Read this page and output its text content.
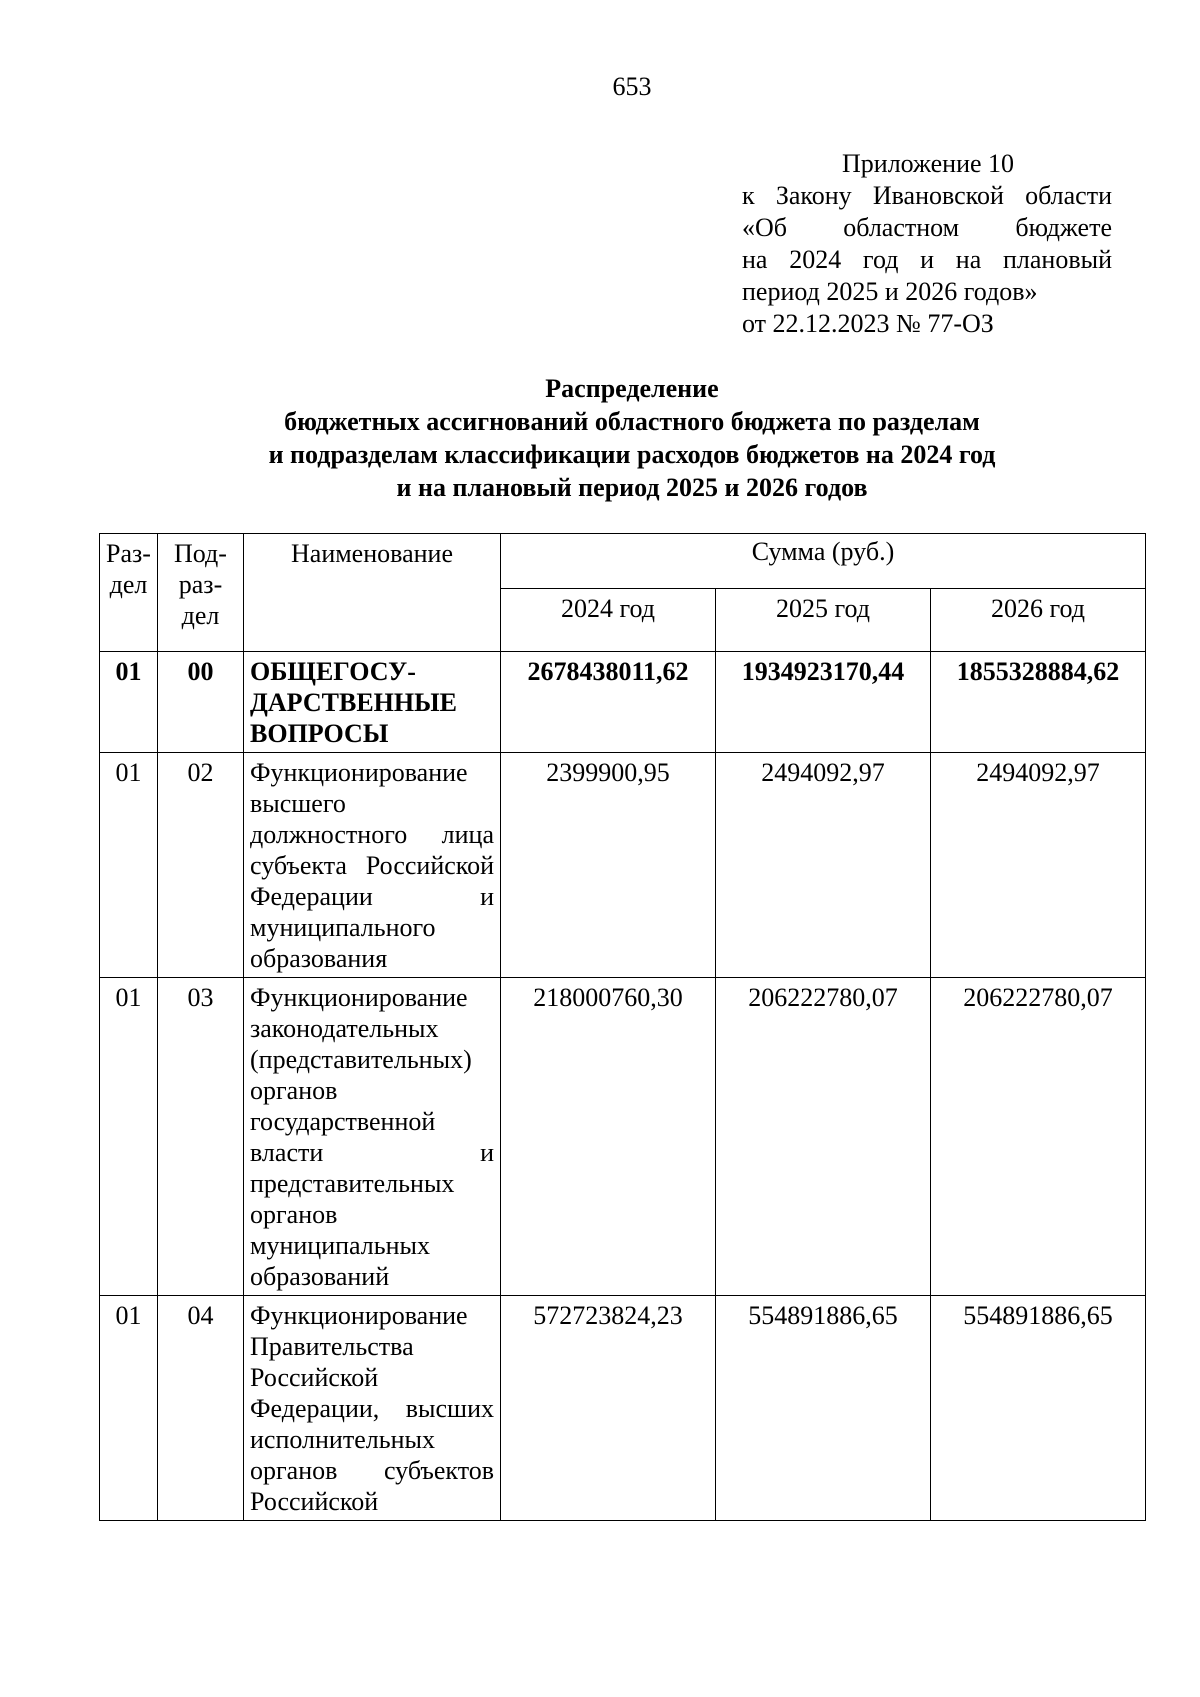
653
Приложение 10
к Закону Ивановской области
«Об областном бюджете
на 2024 год и на плановый
период 2025 и 2026 годов»
от 22.12.2023 № 77-ОЗ
Распределение
бюджетных ассигнований областного бюджета по разделам
и подразделам классификации расходов бюджетов на 2024 год
и на плановый период 2025 и 2026 годов
Раз-дел	Под-раз-дел	Наименование	Сумма (руб.)		
			2024 год	2025 год	2026 год
01	00	ОБЩЕГОСУ-ДАРСТВЕННЫЕ ВОПРОСЫ	2678438011,62	1934923170,44	1855328884,62
01	02	Функционирование высшего должностного лица субъекта Российской Федерации и муниципального образования	2399900,95	2494092,97	2494092,97
01	03	Функционирование законодательных (представительных) органов государственной власти и представительных органов муниципальных образований	218000760,30	206222780,07	206222780,07
01	04	Функционирование Правительства Российской Федерации, высших исполнительных органов субъектов Российской	572723824,23	554891886,65	554891886,65
